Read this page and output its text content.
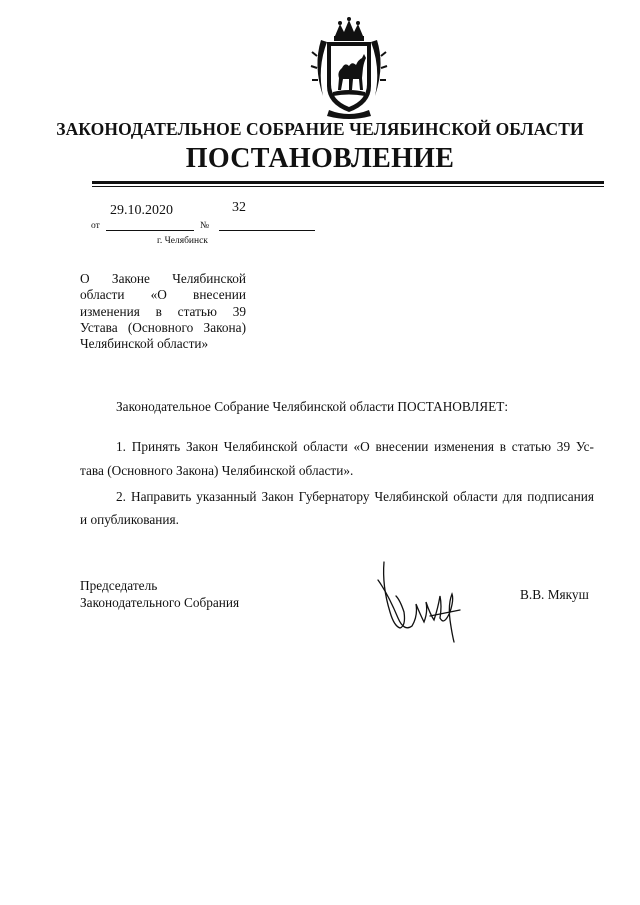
ЗАКОНОДАТЕЛЬНОЕ СОБРАНИЕ ЧЕЛЯБИНСКОЙ ОБЛАСТИ
ПОСТАНОВЛЕНИЕ
29.10.2020	32
от	№
г. Челябинск
О Законе Челябинской области «О внесении изменения в статью 39 Устава (Основного Закона) Челябинской области»
Законодательное Собрание Челябинской области ПОСТАНОВЛЯЕТ:
1. Принять Закон Челябинской области «О внесении изменения в статью 39 Ус-
тава (Основного Закона) Челябинской области».
2. Направить указанный Закон Губернатору Челябинской области для подписания
и опубликования.
Председатель
Законодательного Собрания
В.В. Мякуш
